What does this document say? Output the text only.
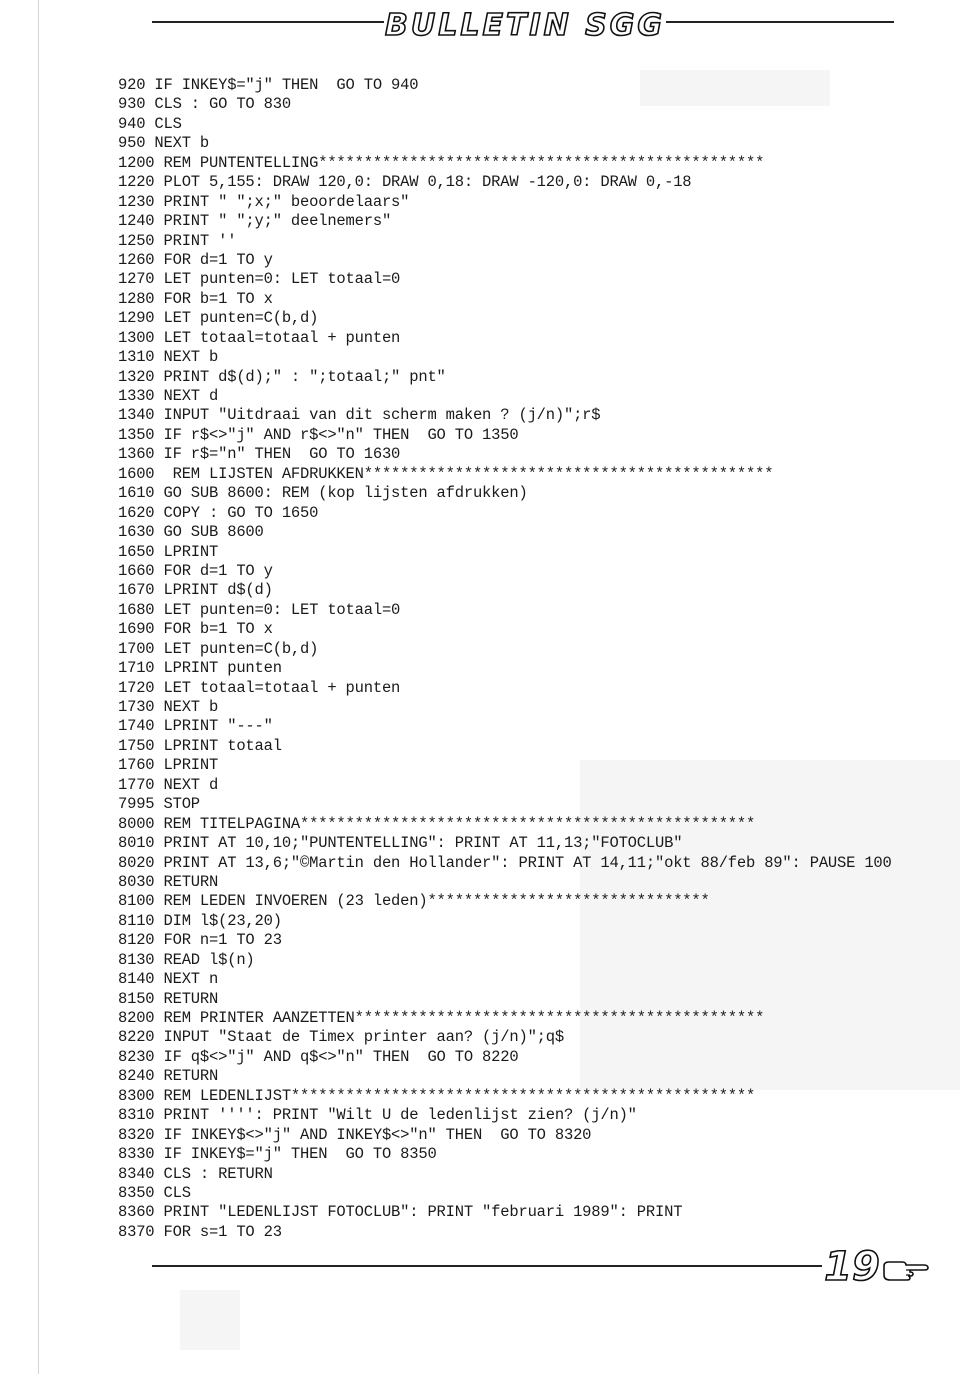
BULLETIN SGG
920 IF INKEY$="j" THEN  GO TO 940
930 CLS : GO TO 830
940 CLS
950 NEXT b
1200 REM PUNTENTELLING*************************************************
1220 PLOT 5,155: DRAW 120,0: DRAW 0,18: DRAW -120,0: DRAW 0,-18
1230 PRINT " ";x;" beoordelaars"
1240 PRINT " ";y;" deelnemers"
1250 PRINT ''
1260 FOR d=1 TO y
1270 LET punten=0: LET totaal=0
1280 FOR b=1 TO x
1290 LET punten=C(b,d)
1300 LET totaal=totaal + punten
1310 NEXT b
1320 PRINT d$(d);" : ";totaal;" pnt"
1330 NEXT d
1340 INPUT "Uitdraai van dit scherm maken ? (j/n)";r$
1350 IF r$<>"j" AND r$<>"n" THEN  GO TO 1350
1360 IF r$="n" THEN  GO TO 1630
1600  REM LIJSTEN AFDRUKKEN*********************************************
1610 GO SUB 8600: REM (kop lijsten afdrukken)
1620 COPY : GO TO 1650
1630 GO SUB 8600
1650 LPRINT
1660 FOR d=1 TO y
1670 LPRINT d$(d)
1680 LET punten=0: LET totaal=0
1690 FOR b=1 TO x
1700 LET punten=C(b,d)
1710 LPRINT punten
1720 LET totaal=totaal + punten
1730 NEXT b
1740 LPRINT "---"
1750 LPRINT totaal
1760 LPRINT
1770 NEXT d
7995 STOP
8000 REM TITELPAGINA**************************************************
8010 PRINT AT 10,10;"PUNTENTELLING": PRINT AT 11,13;"FOTOCLUB"
8020 PRINT AT 13,6;"©Martin den Hollander": PRINT AT 14,11;"okt 88/feb 89": PAUSE 100
8030 RETURN
8100 REM LEDEN INVOEREN (23 leden)*******************************
8110 DIM l$(23,20)
8120 FOR n=1 TO 23
8130 READ l$(n)
8140 NEXT n
8150 RETURN
8200 REM PRINTER AANZETTEN*********************************************
8220 INPUT "Staat de Timex printer aan? (j/n)";q$
8230 IF q$<>"j" AND q$<>"n" THEN  GO TO 8220
8240 RETURN
8300 REM LEDENLIJST***************************************************
8310 PRINT '''': PRINT "Wilt U de ledenlijst zien? (j/n)"
8320 IF INKEY$<>"j" AND INKEY$<>"n" THEN  GO TO 8320
8330 IF INKEY$="j" THEN  GO TO 8350
8340 CLS : RETURN
8350 CLS
8360 PRINT "LEDENLIJST FOTOCLUB": PRINT "februari 1989": PRINT
8370 FOR s=1 TO 23
19
